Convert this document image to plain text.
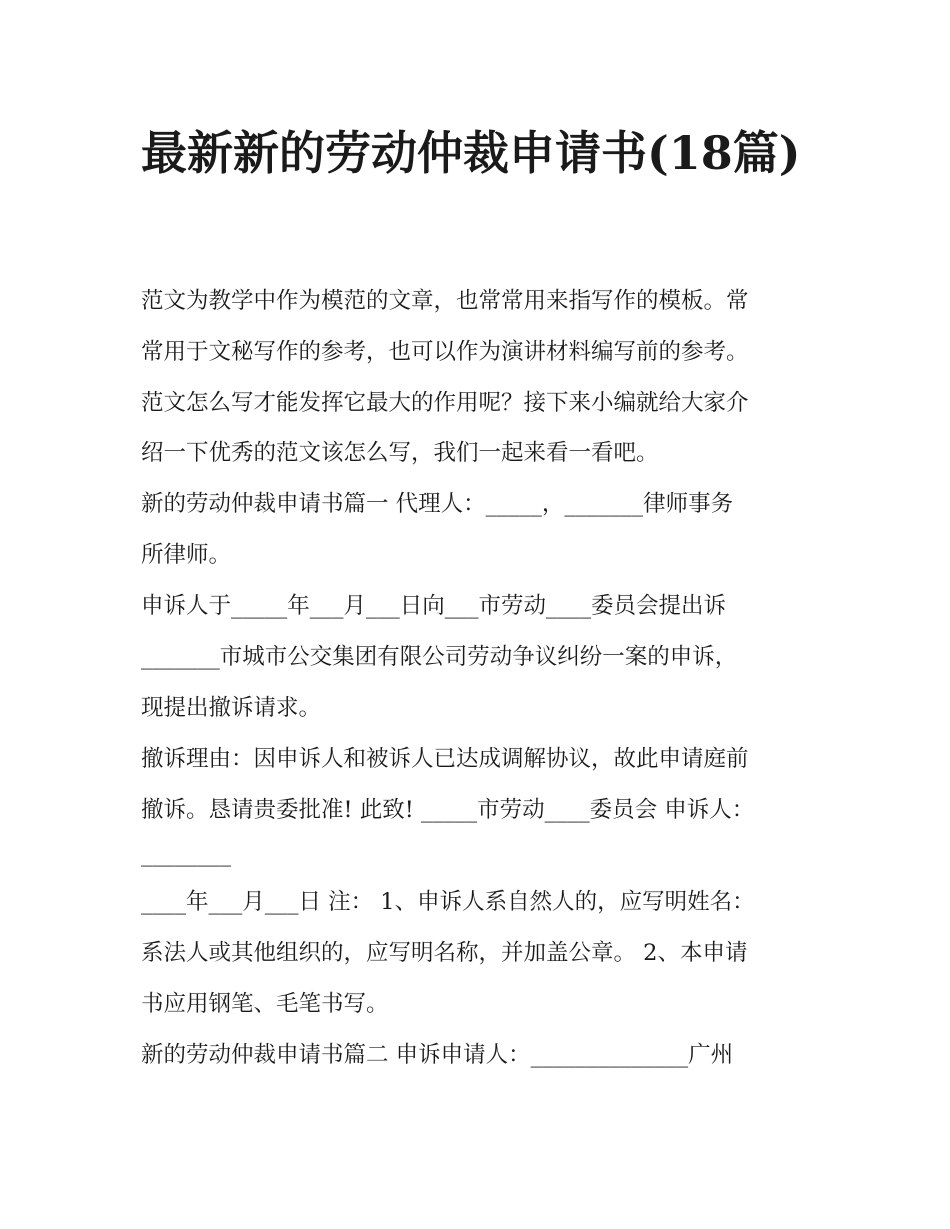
最新新的劳动仲裁申请书(18篇)
范文为教学中作为模范的文章，也常常用来指写作的模板。常
常用于文秘写作的参考，也可以作为演讲材料编写前的参考。
范文怎么写才能发挥它最大的作用呢？接下来小编就给大家介
绍一下优秀的范文该怎么写，我们一起来看一看吧。
新的劳动仲裁申请书篇一 代理人：_____，_______律师事务
所律师。
申诉人于_____年___月___日向___市劳动____委员会提出诉
_______市城市公交集团有限公司劳动争议纠纷一案的申诉，
现提出撤诉请求。
撤诉理由：因申诉人和被诉人已达成调解协议，故此申请庭前
撤诉。恳请贵委批准! 此致! _____市劳动____委员会 申诉人：
________
____年___月___日 注： 1、申诉人系自然人的，应写明姓名：
系法人或其他组织的，应写明名称，并加盖公章。 2、本申请
书应用钢笔、毛笔书写。
新的劳动仲裁申请书篇二 申诉申请人：______________广州
